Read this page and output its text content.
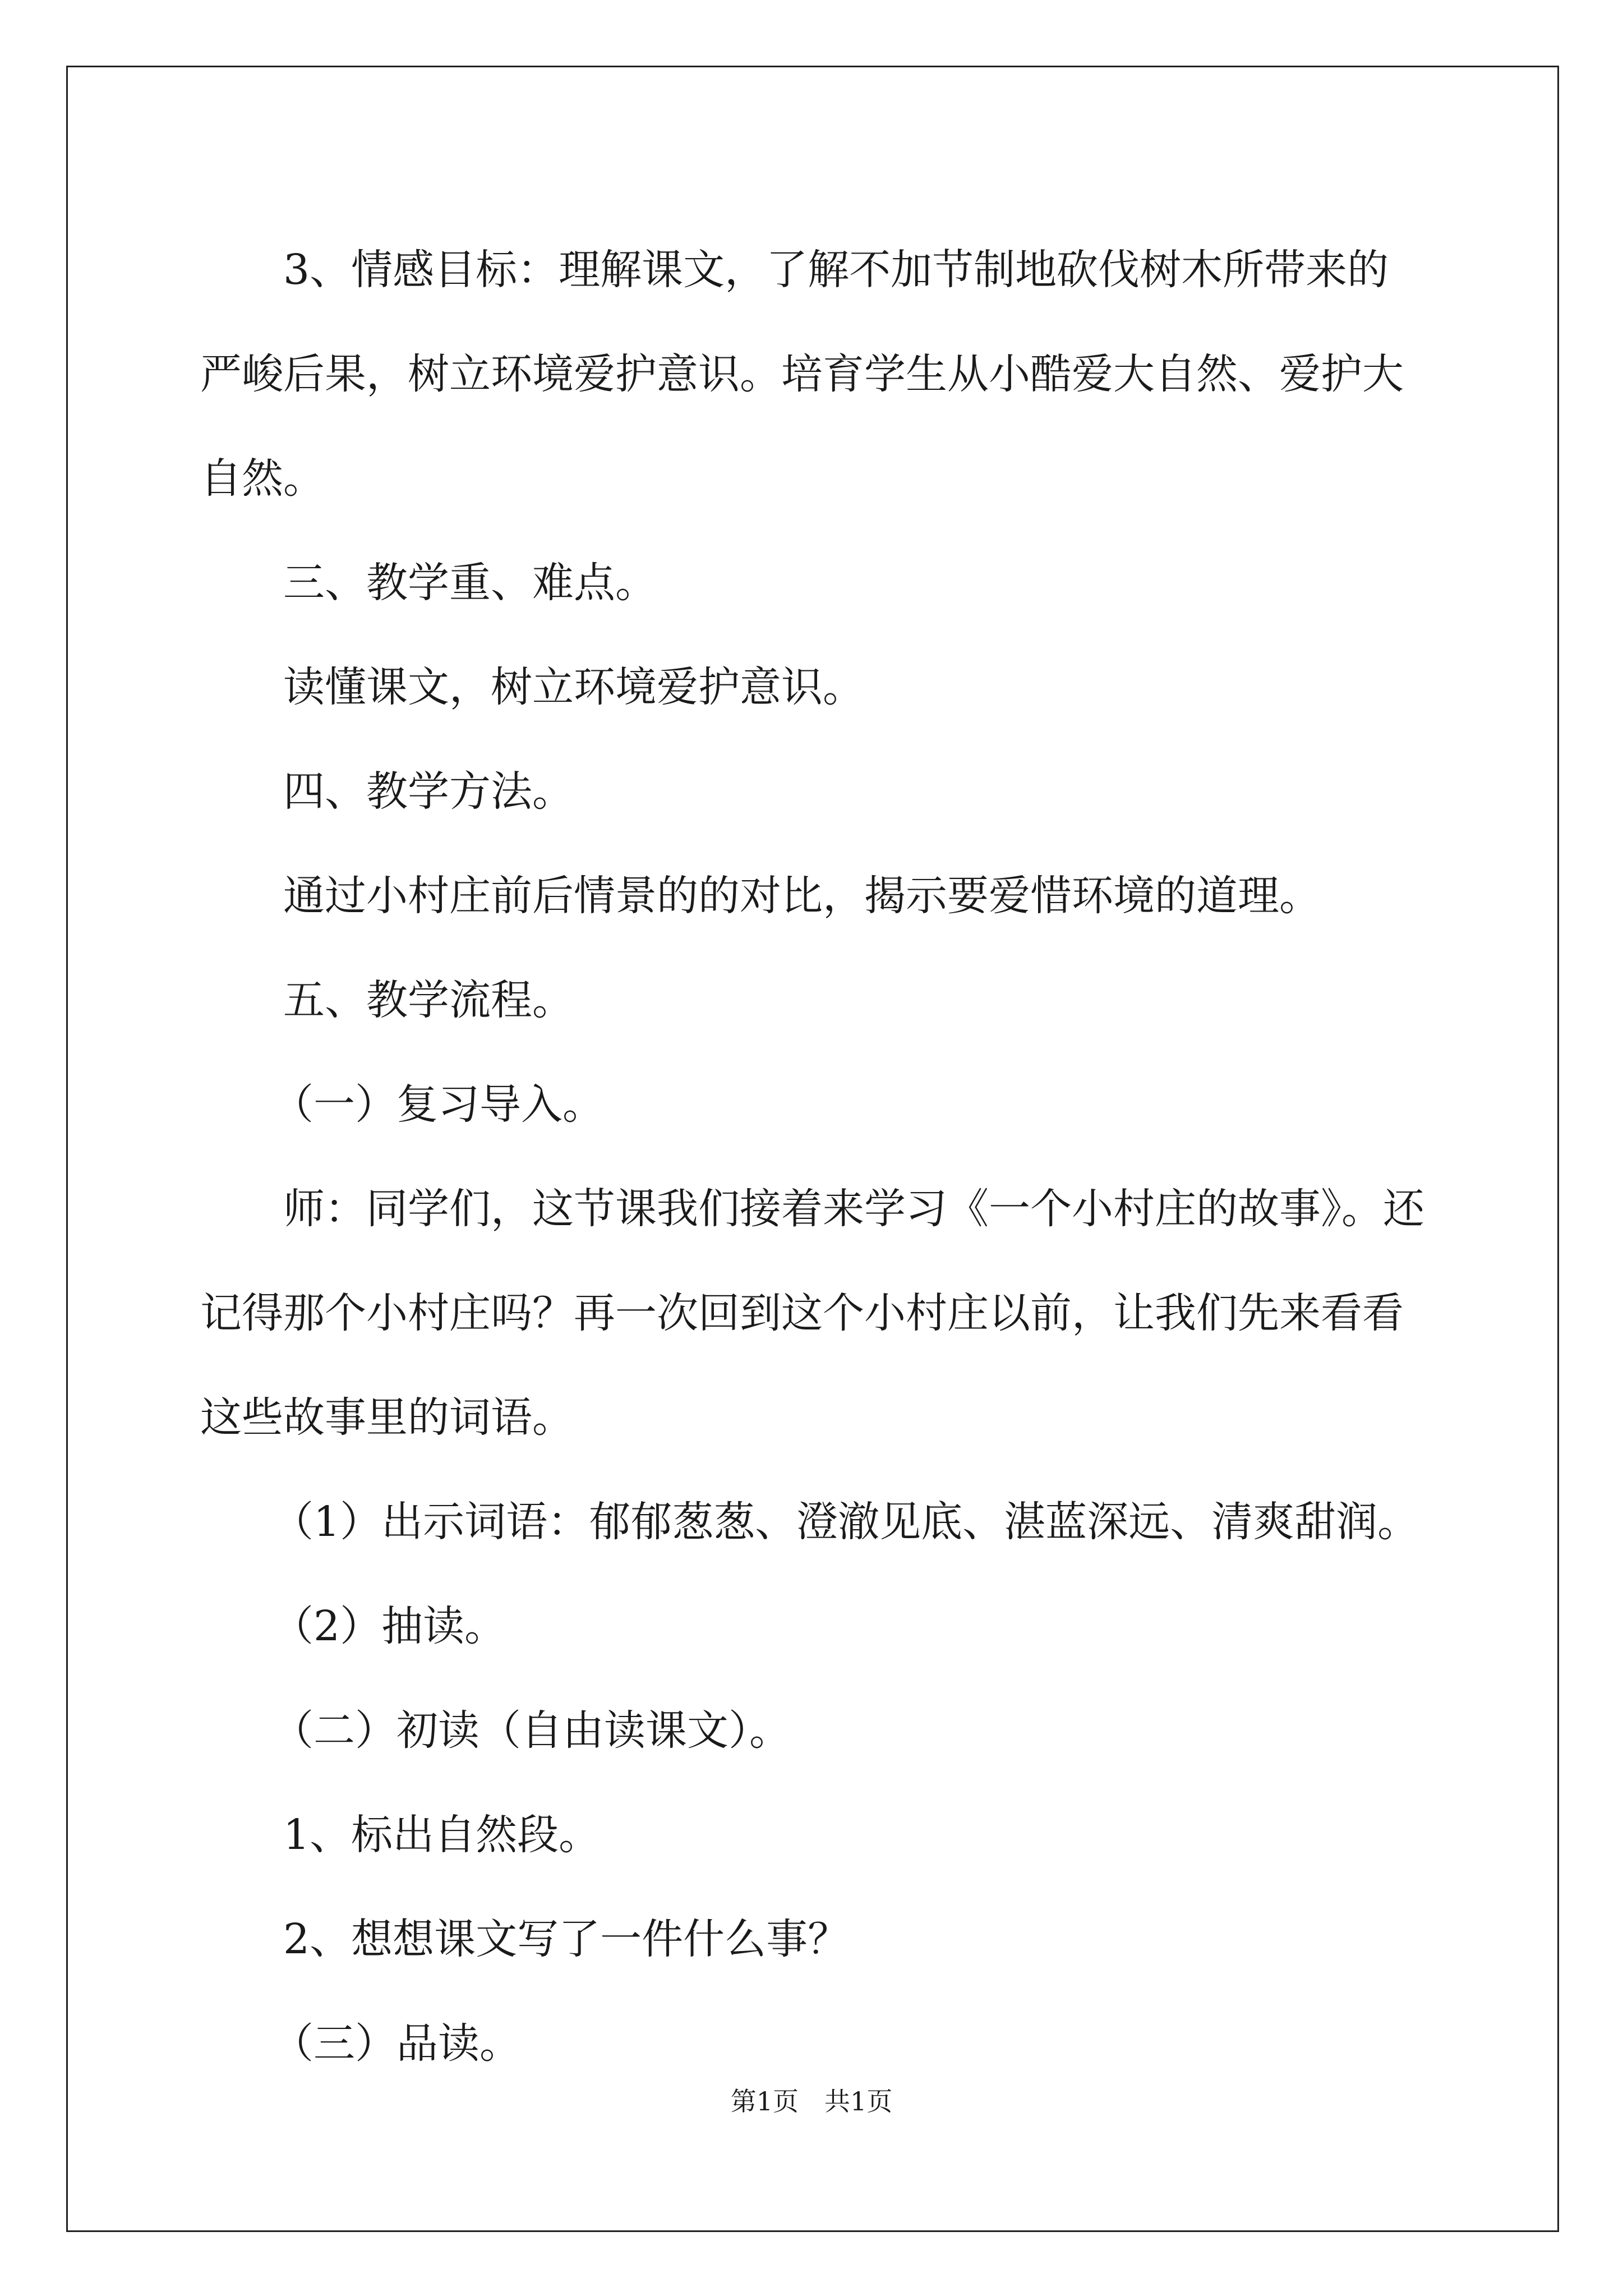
3、情感目标：理解课文，了解不加节制地砍伐树木所带来的严峻后果，树立环境爱护意识。培育学生从小酷爱大自然、爱护大自然。

三、教学重、难点。

读懂课文，树立环境爱护意识。

四、教学方法。

通过小村庄前后情景的的对比，揭示要爱惜环境的道理。

五、教学流程。

（一）复习导入。

师：同学们，这节课我们接着来学习《一个小村庄的故事》。还记得那个小村庄吗？再一次回到这个小村庄以前，让我们先来看看这些故事里的词语。

（1）出示词语：郁郁葱葱、澄澈见底、湛蓝深远、清爽甜润。

（2）抽读。

（二）初读（自由读课文）。

1、标出自然段。

2、想想课文写了一件什么事？

（三）品读。

第1页　共1页
